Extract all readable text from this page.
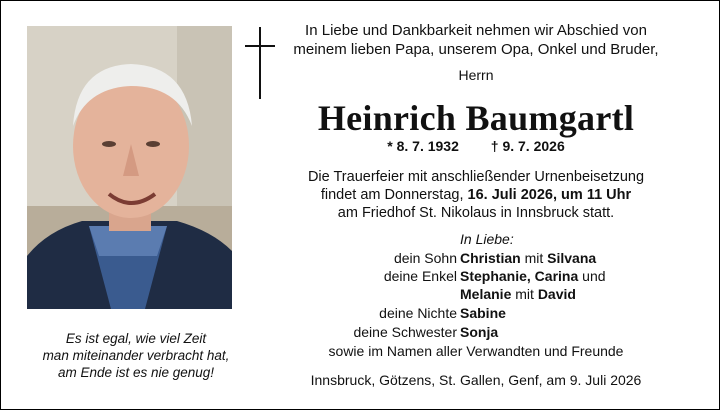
Es ist egal, wie viel Zeit
man miteinander verbracht hat,
am Ende ist es nie genug!
In Liebe und Dankbarkeit nehmen wir Abschied von
meinem lieben Papa, unserem Opa, Onkel und Bruder,
Herrn
Heinrich Baumgartl
* 8. 7. 1932 † 9. 7. 2026
Die Trauerfeier mit anschließender Urnenbeisetzung
findet am Donnerstag, 16. Juli 2026, um 11 Uhr
am Friedhof St. Nikolaus in Innsbruck statt.
In Liebe:
dein Sohn Christian mit Silvana
deine Enkel Stephanie, Carina und
Melanie mit David
deine Nichte Sabine
deine Schwester Sonja
sowie im Namen aller Verwandten und Freunde
Innsbruck, Götzens, St. Gallen, Genf, am 9. Juli 2026
